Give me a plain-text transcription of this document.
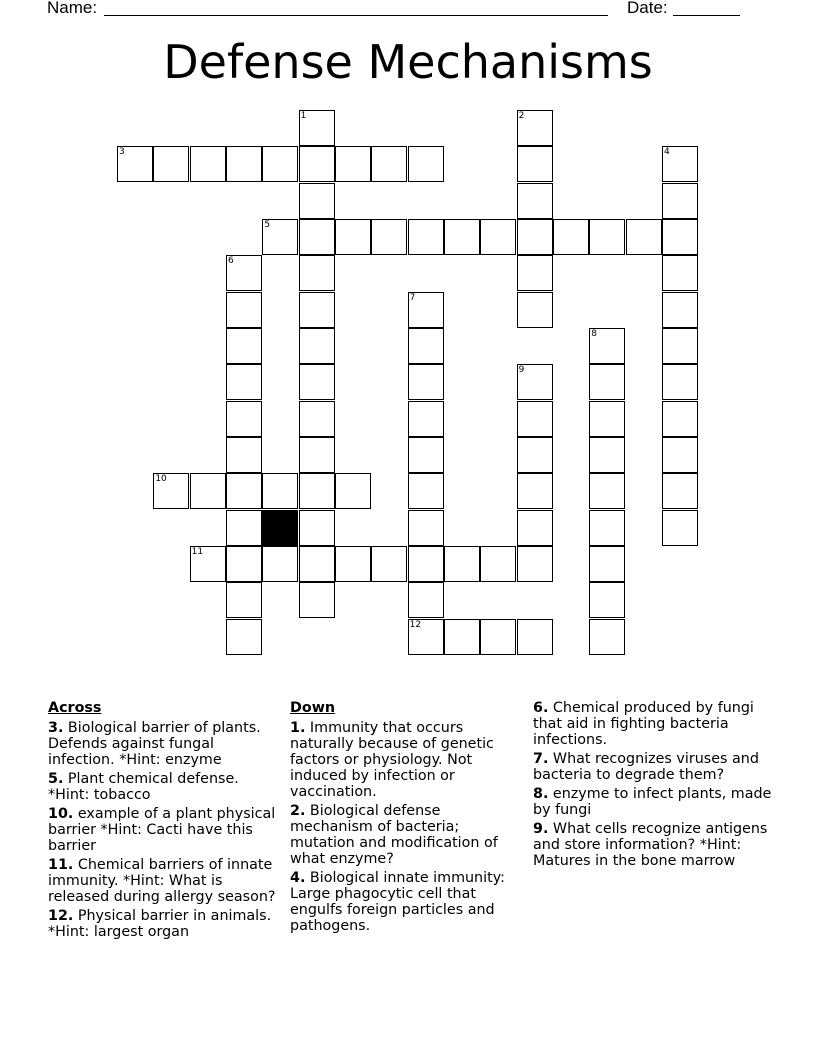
Name:	Date:
Defense Mechanisms
1	2
3	4
5
6
7
8
9
10
11
12
Across
3. Biological barrier of plants. Defends against fungal infection. *Hint: enzyme
5. Plant chemical defense. *Hint: tobacco
10. example of a plant physical barrier *Hint: Cacti have this barrier
11. Chemical barriers of innate immunity. *Hint: What is released during allergy season?
12. Physical barrier in animals. *Hint: largest organ
Down
1. Immunity that occurs naturally because of genetic factors or physiology. Not induced by infection or vaccination.
2. Biological defense mechanism of bacteria; mutation and modification of what enzyme?
4. Biological innate immunity: Large phagocytic cell that engulfs foreign particles and pathogens.
6. Chemical produced by fungi that aid in fighting bacteria infections.
7. What recognizes viruses and bacteria to degrade them?
8. enzyme to infect plants, made by fungi
9. What cells recognize antigens and store information? *Hint: Matures in the bone marrow
